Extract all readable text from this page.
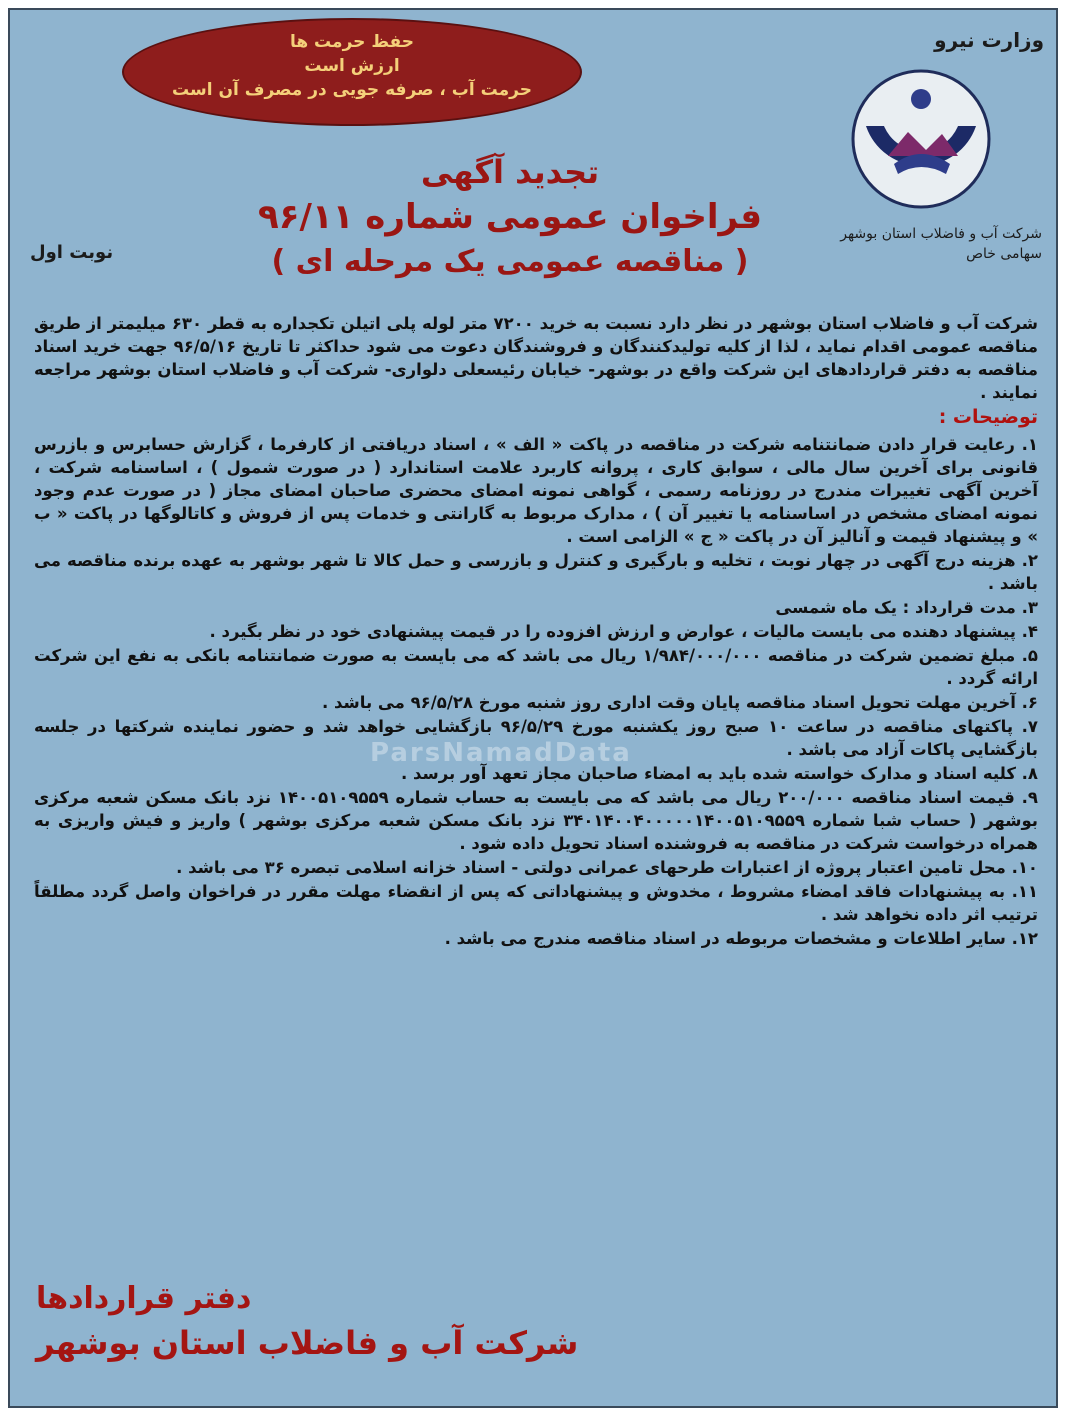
حفظ حرمت ها
ارزش است
حرمت آب ، صرفه جویی در مصرف آن است
وزارت نیرو
شرکت آب و فاضلاب استان بوشهر
سهامی خاص
نوبت اول
تجدید آگهی
فراخوان عمومی شماره ۹۶/۱۱
( مناقصه عمومی یک مرحله ای )
ParsNamadData

شرکت آب و فاضلاب استان بوشهر در نظر دارد نسبت به خرید ۷۲۰۰ متر لوله پلی اتیلن تکجداره به قطر ۶۳۰ میلیمتر از طریق مناقصه عمومی اقدام نماید ، لذا از کلیه تولیدکنندگان و فروشندگان دعوت می شود حداکثر تا تاریخ ۹۶/۵/۱۶ جهت خرید اسناد مناقصه به دفتر قراردادهای این شرکت واقع در بوشهر- خیابان رئیسعلی دلواری- شرکت آب و فاضلاب استان بوشهر مراجعه نمایند .

توضیحات :
۱. رعایت قرار دادن ضمانتنامه شرکت در مناقصه در پاکت « الف » ، اسناد دریافتی از کارفرما ، گزارش حسابرس و بازرس قانونی برای آخرین سال مالی ، سوابق کاری ، پروانه کاربرد علامت استاندارد ( در صورت شمول ) ، اساسنامه شرکت ، آخرین آگهی تغییرات مندرج در روزنامه رسمی ، گواهی نمونه امضای محضری صاحبان امضای مجاز ( در صورت عدم وجود نمونه امضای مشخص در اساسنامه یا تغییر آن ) ، مدارک مربوط به گارانتی و خدمات پس از فروش و کاتالوگها در پاکت « ب » و پیشنهاد قیمت و آنالیز آن در پاکت « ج » الزامی است .
۲. هزینه درج آگهی در چهار نوبت ، تخلیه و بارگیری و کنترل و بازرسی و حمل کالا تا شهر بوشهر به عهده برنده مناقصه می باشد .
۳. مدت قرارداد : یک ماه شمسی
۴. پیشنهاد دهنده می بایست مالیات ، عوارض و ارزش افزوده را در قیمت پیشنهادی خود در نظر بگیرد .
۵. مبلغ تضمین شرکت در مناقصه ۱/۹۸۴/۰۰۰/۰۰۰ ریال می باشد که می بایست به صورت ضمانتنامه بانکی به نفع این شرکت ارائه گردد .
۶. آخرین مهلت تحویل اسناد مناقصه پایان وقت اداری روز شنبه مورخ ۹۶/۵/۲۸ می باشد .
۷. پاکتهای مناقصه در ساعت ۱۰ صبح روز یکشنبه مورخ ۹۶/۵/۲۹ بازگشایی خواهد شد و حضور نماینده شرکتها در جلسه بازگشایی پاکات آزاد می باشد .
۸. کلیه اسناد و مدارک خواسته شده باید به امضاء صاحبان مجاز تعهد آور برسد .
۹. قیمت اسناد مناقصه ۲۰۰/۰۰۰ ریال می باشد که می بایست به حساب شماره ۱۴۰۰۵۱۰۹۵۵۹ نزد بانک مسکن شعبه مرکزی بوشهر ( حساب شبا شماره ۳۴۰۱۴۰۰۴۰۰۰۰۰۱۴۰۰۵۱۰۹۵۵۹ نزد بانک مسکن شعبه مرکزی بوشهر ) واریز و فیش واریزی به همراه درخواست شرکت در مناقصه به فروشنده اسناد تحویل داده شود .
۱۰. محل تامین اعتبار پروژه از اعتبارات طرحهای عمرانی دولتی - اسناد خزانه اسلامی تبصره ۳۶ می باشد .
۱۱. به پیشنهادات فاقد امضاء مشروط ، مخدوش و پیشنهاداتی که پس از انقضاء مهلت مقرر در فراخوان واصل گردد مطلقاً ترتیب اثر داده نخواهد شد .
۱۲. سایر اطلاعات و مشخصات مربوطه در اسناد مناقصه مندرج می باشد .
دفتر قراردادها
شرکت آب و فاضلاب استان بوشهر
